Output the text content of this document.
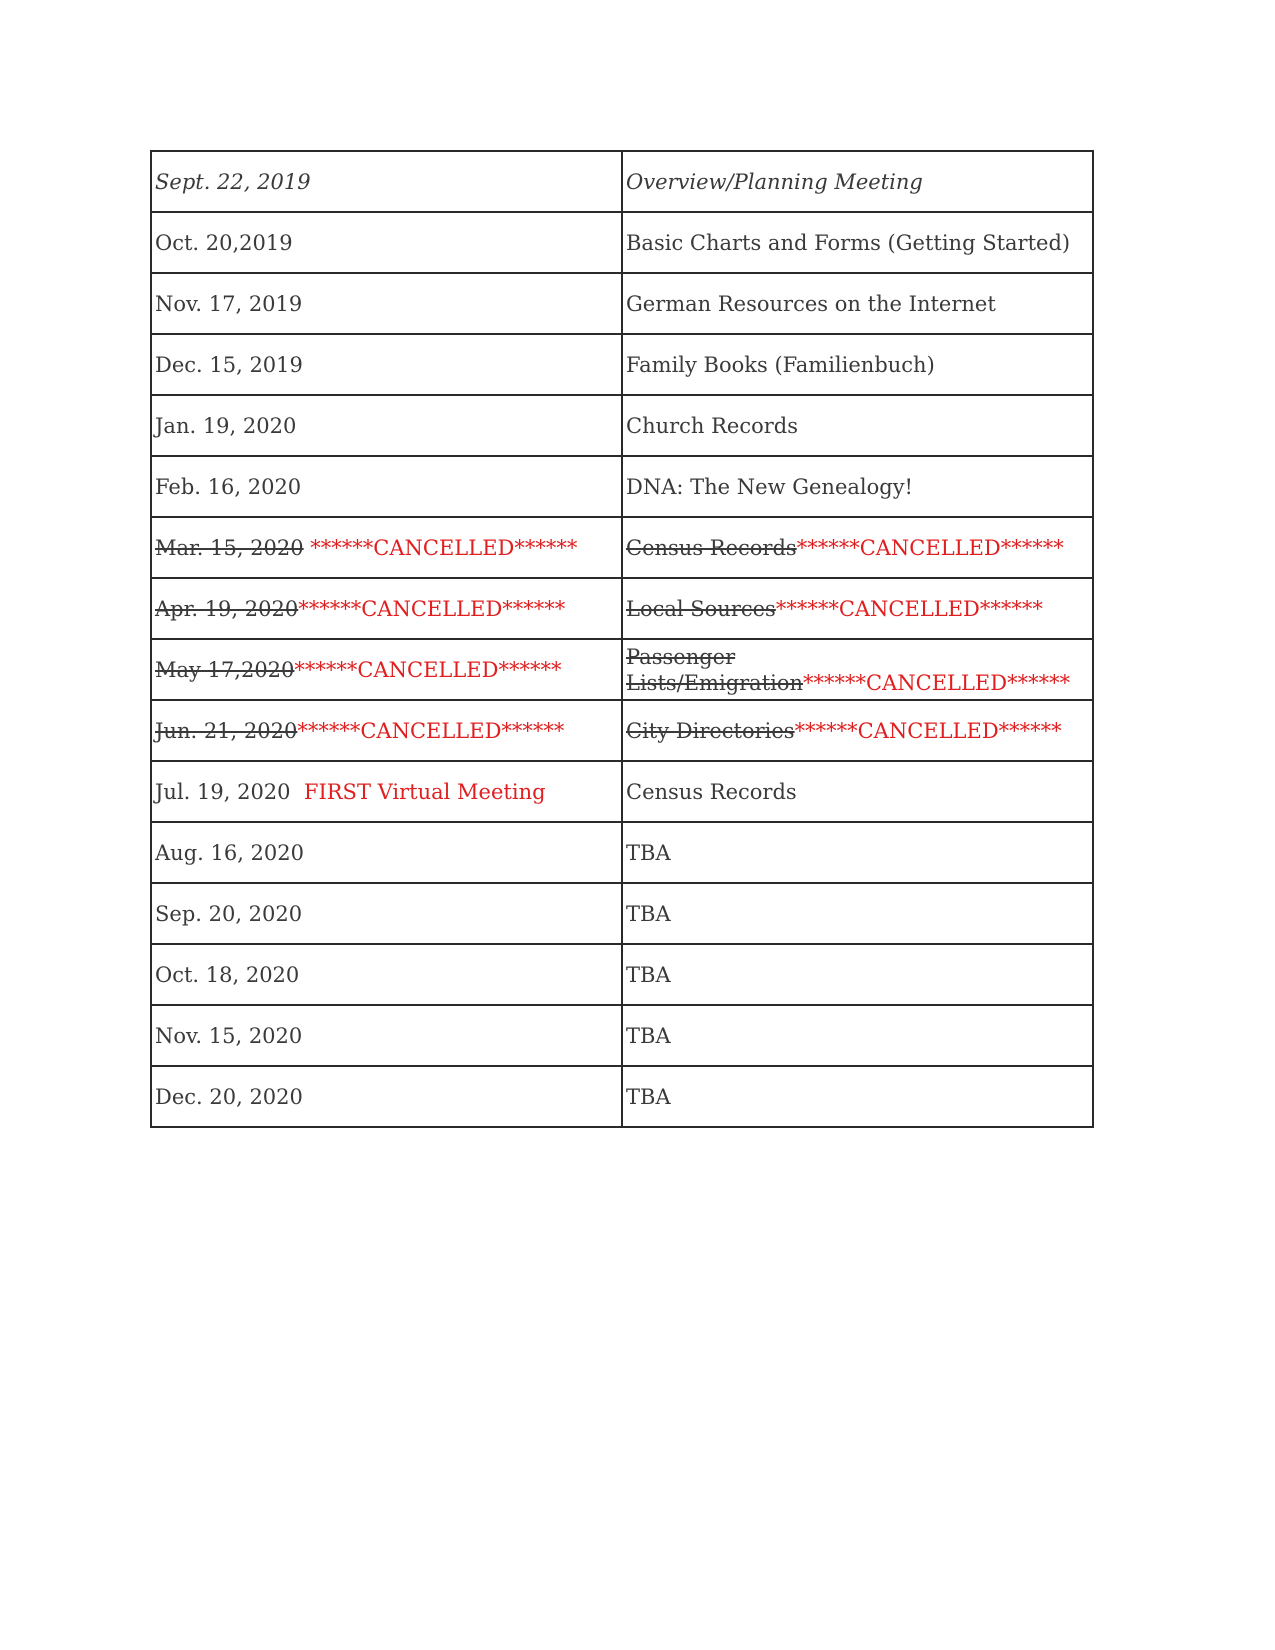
Sept. 22, 2019	Overview/Planning Meeting
Oct. 20,2019	Basic Charts and Forms (Getting Started)
Nov. 17, 2019	German Resources on the Internet
Dec. 15, 2019	Family Books (Familienbuch)
Jan. 19, 2020	Church Records
Feb. 16, 2020	DNA: The New Genealogy!
Mar. 15, 2020 ******CANCELLED******	Census Records******CANCELLED******
Apr. 19, 2020******CANCELLED******	Local Sources******CANCELLED******
May 17,2020******CANCELLED******	Passenger
Lists/Emigration******CANCELLED******
Jun. 21, 2020******CANCELLED******	City Directories******CANCELLED******
Jul. 19, 2020  FIRST Virtual Meeting	Census Records
Aug. 16, 2020	TBA
Sep. 20, 2020	TBA
Oct. 18, 2020	TBA
Nov. 15, 2020	TBA
Dec. 20, 2020	TBA
